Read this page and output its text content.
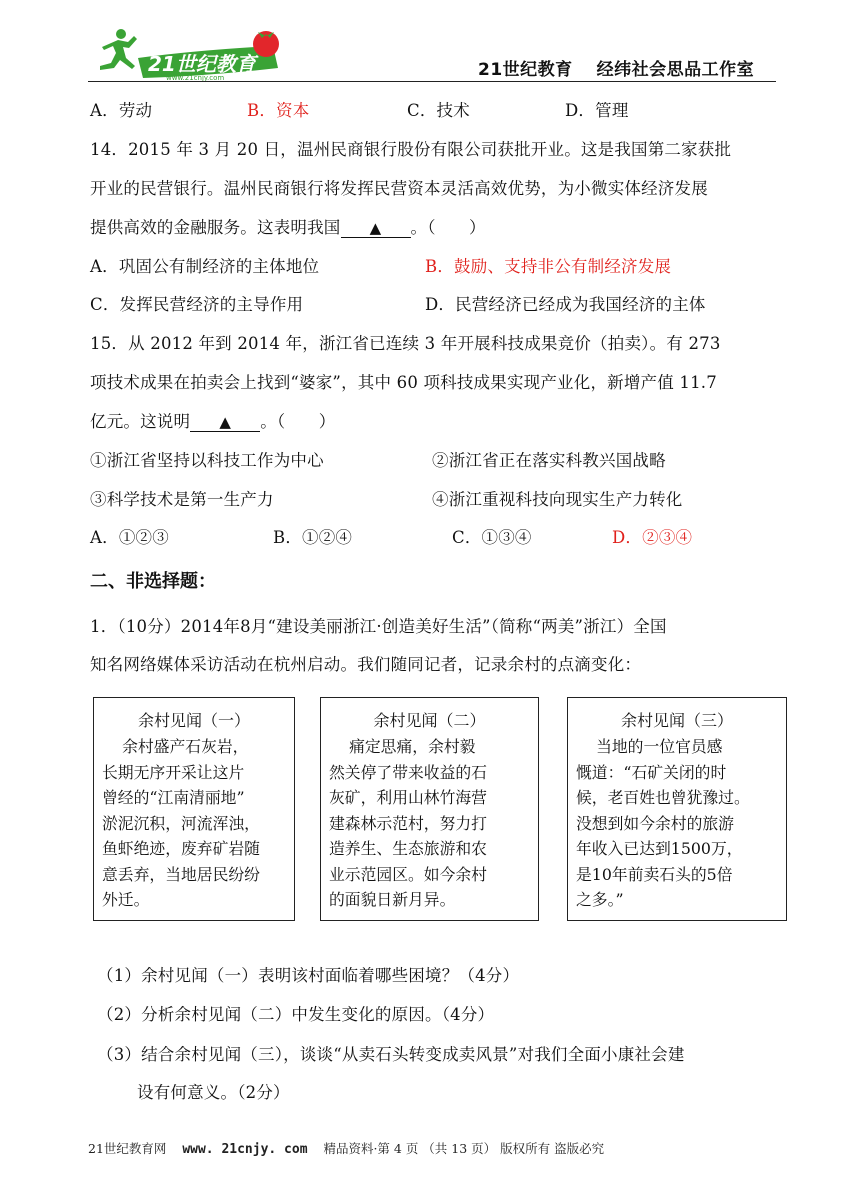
21世纪教育
www.21cnjy.com	21世纪教育　 经纬社会思品工作室
A．劳动	B．资本	C．技术	D．管理
14．2015 年 3 月 20 日，温州民商银行股份有限公司获批开业。这是我国第二家获批
开业的民营银行。温州民商银行将发挥民营资本灵活高效优势，为小微实体经济发展
提供高效的金融服务。这表明我国 ▲ 。（　　）
A．巩固公有制经济的主体地位	B．鼓励、支持非公有制经济发展
C．发挥民营经济的主导作用	D．民营经济已经成为我国经济的主体
15．从 2012 年到 2014 年，浙江省已连续 3 年开展科技成果竞价（拍卖）。有 273
项技术成果在拍卖会上找到“婆家”，其中 60 项科技成果实现产业化，新增产值 11.7
亿元。这说明 ▲ 。（　　）
①浙江省坚持以科技工作为中心	②浙江省正在落实科教兴国战略
③科学技术是第一生产力	④浙江重视科技向现实生产力转化
A．①②③	B．①②④	C．①③④	D．②③④
二、非选择题：
1．（10分）2014年8月“建设美丽浙江·创造美好生活”（简称“两美”浙江）全国
知名网络媒体采访活动在杭州启动。我们随同记者，记录余村的点滴变化：
余村见闻（一）
余村盛产石灰岩，
长期无序开采让这片
曾经的“江南清丽地”
淤泥沉积，河流浑浊，
鱼虾绝迹，废弃矿岩随
意丢弃，当地居民纷纷
外迁。
余村见闻（二）
痛定思痛，余村毅
然关停了带来收益的石
灰矿，利用山林竹海营
建森林示范村，努力打
造养生、生态旅游和农
业示范园区。如今余村
的面貌日新月异。
余村见闻（三）
当地的一位官员感
慨道：“石矿关闭的时
候，老百姓也曾犹豫过。
没想到如今余村的旅游
年收入已达到1500万，
是10年前卖石头的5倍
之多。”
（1）余村见闻（一）表明该村面临着哪些困境？（4分）
（2）分析余村见闻（二）中发生变化的原因。（4分）
（3）结合余村见闻（三），谈谈“从卖石头转变成卖风景”对我们全面小康社会建
设有何意义。（2分）
21世纪教育网 www. 21cnjy. com 精品资料·第 4 页 （共 13 页） 版权所有 盗版必究
